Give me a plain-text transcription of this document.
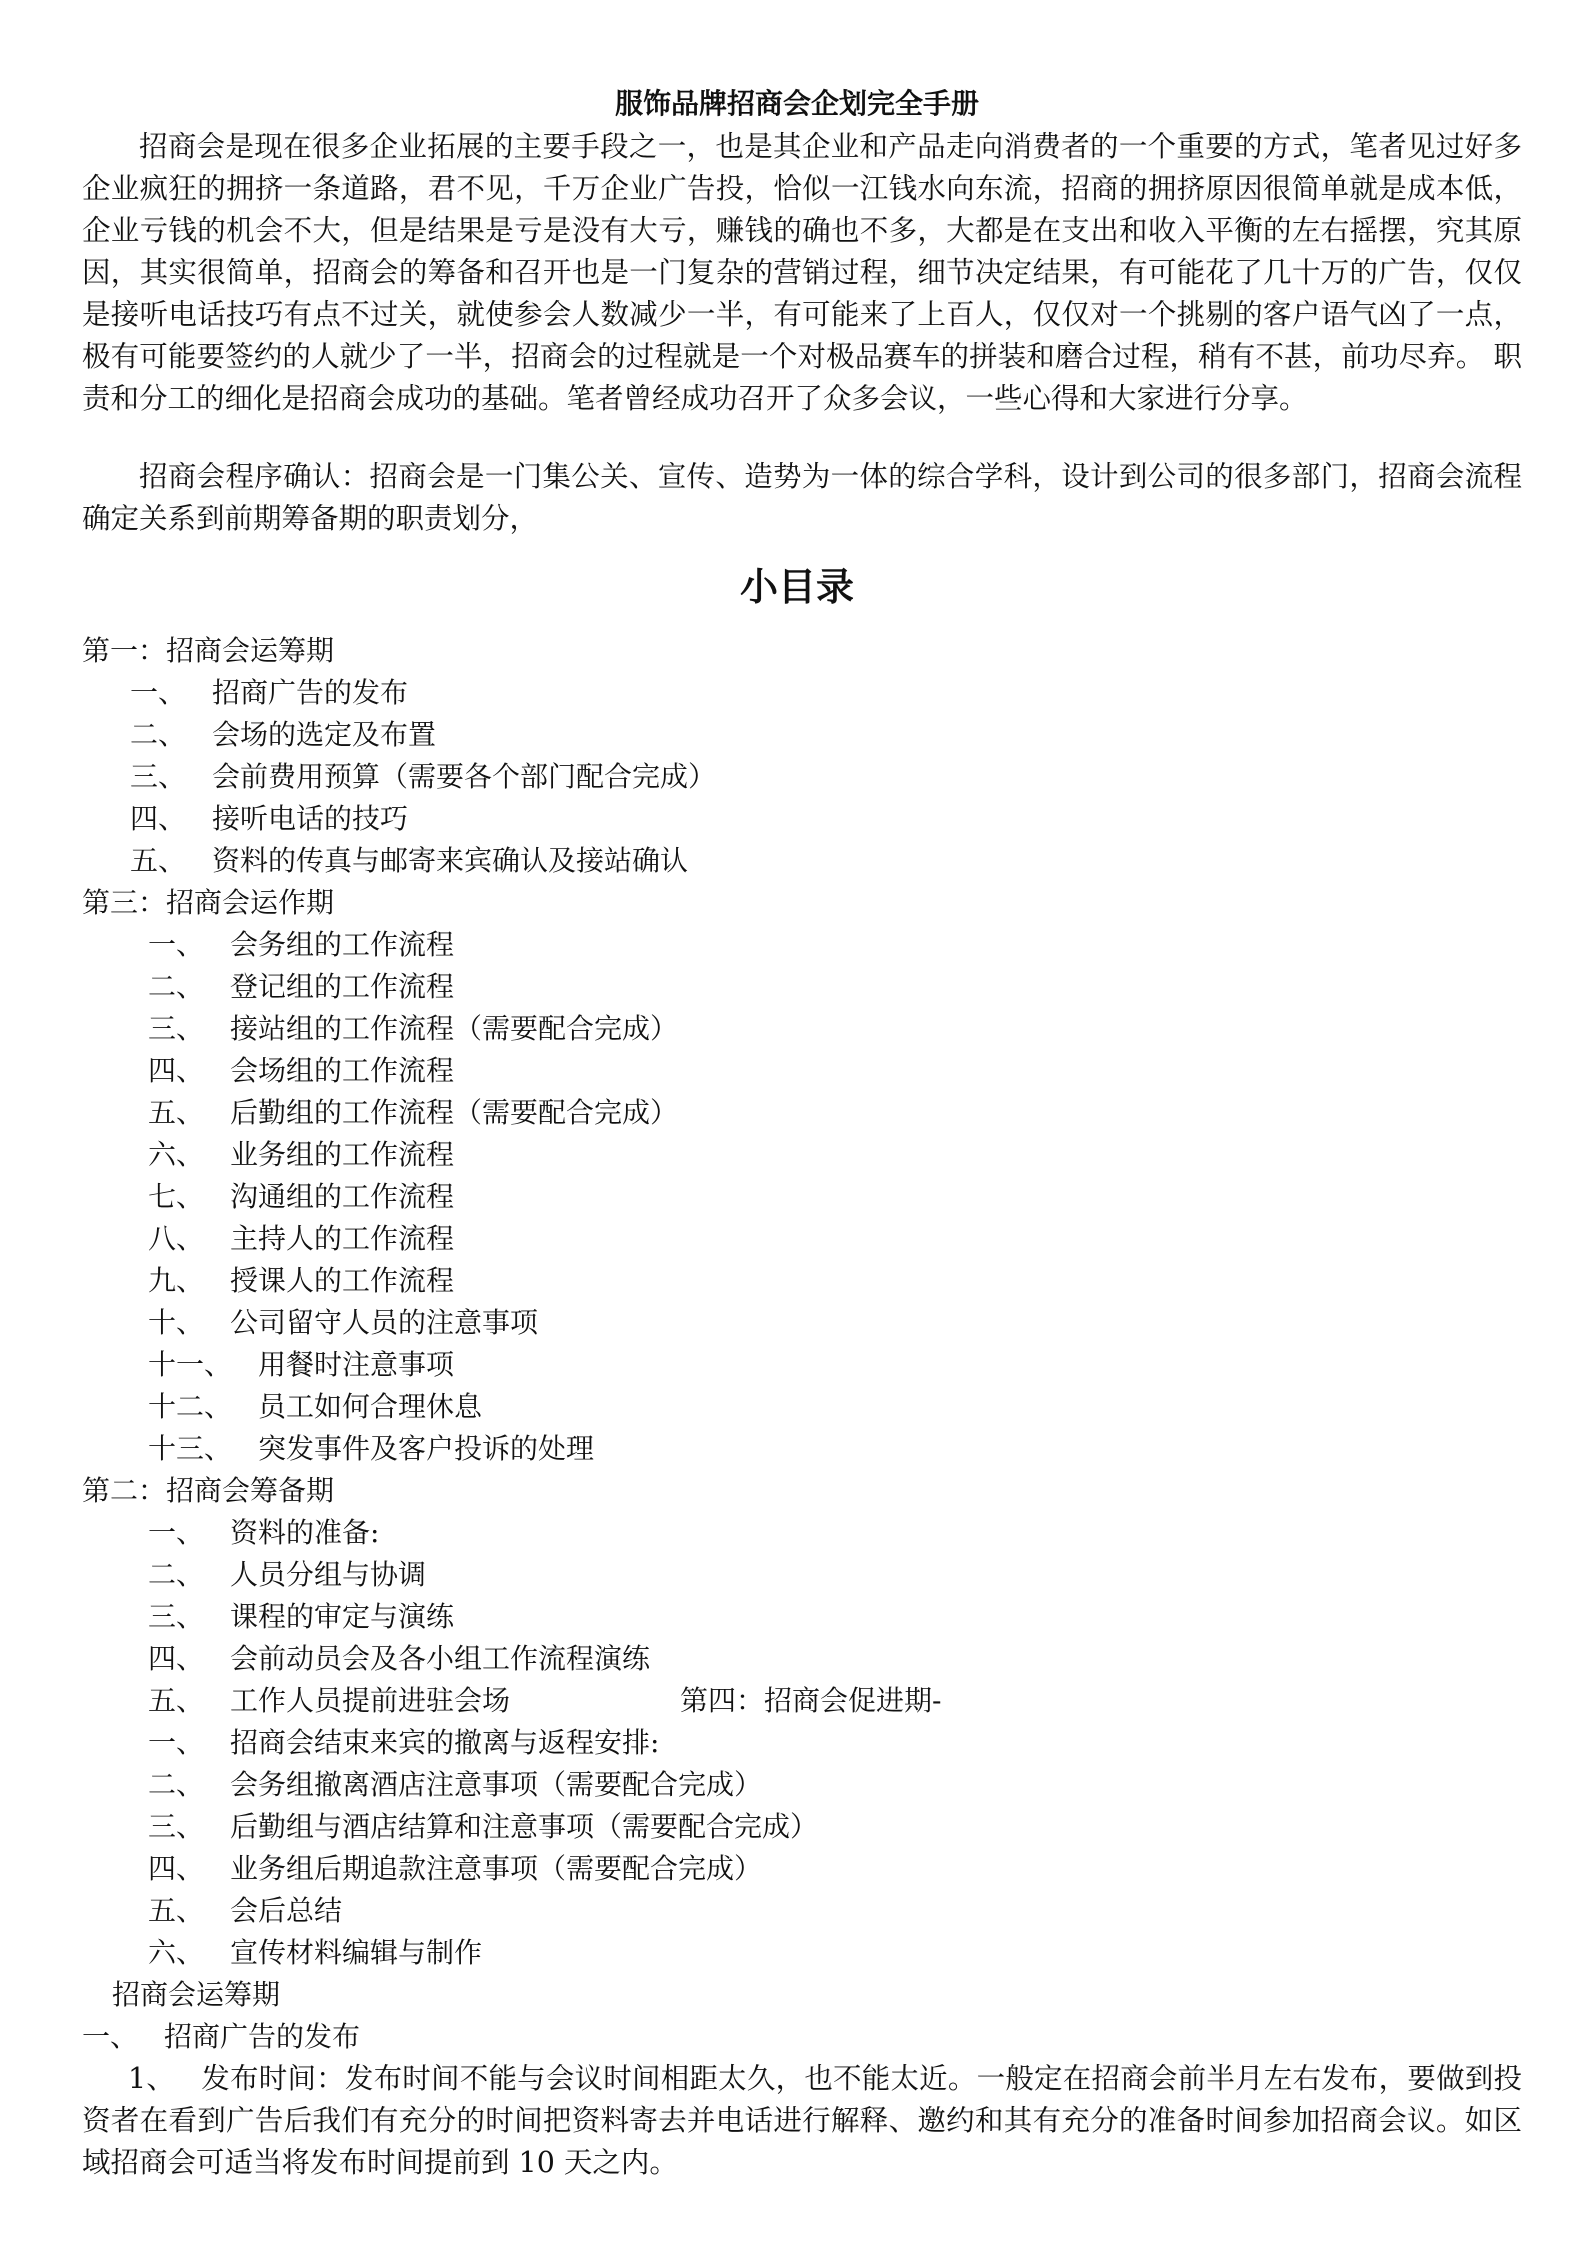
服饰品牌招商会企划完全手册

招商会是现在很多企业拓展的主要手段之一，也是其企业和产品走向消费者的一个重要的方式，笔者见过好多企业疯狂的拥挤一条道路，君不见，千万企业广告投，恰似一江钱水向东流，招商的拥挤原因很简单就是成本低，企业亏钱的机会不大，但是结果是亏是没有大亏，赚钱的确也不多，大都是在支出和收入平衡的左右摇摆，究其原因，其实很简单，招商会的筹备和召开也是一门复杂的营销过程，细节决定结果，有可能花了几十万的广告，仅仅是接听电话技巧有点不过关，就使参会人数减少一半，有可能来了上百人，仅仅对一个挑剔的客户语气凶了一点，极有可能要签约的人就少了一半，招商会的过程就是一个对极品赛车的拼装和磨合过程，稍有不甚，前功尽弃。 职责和分工的细化是招商会成功的基础。笔者曾经成功召开了众多会议，一些心得和大家进行分享。

招商会程序确认：招商会是一门集公关、宣传、造势为一体的综合学科，设计到公司的很多部门，招商会流程确定关系到前期筹备期的职责划分，

小目录
第一：招商会运筹期
一、 招商广告的发布
二、 会场的选定及布置
三、 会前费用预算（需要各个部门配合完成）
四、 接听电话的技巧
五、 资料的传真与邮寄来宾确认及接站确认
第三：招商会运作期
一、 会务组的工作流程
二、 登记组的工作流程
三、 接站组的工作流程（需要配合完成）
四、 会场组的工作流程
五、 后勤组的工作流程（需要配合完成）
六、 业务组的工作流程
七、 沟通组的工作流程
八、 主持人的工作流程
九、 授课人的工作流程
十、 公司留守人员的注意事项
十一、 用餐时注意事项
十二、 员工如何合理休息
十三、 突发事件及客户投诉的处理
第二：招商会筹备期
一、 资料的准备:
二、 人员分组与协调
三、 课程的审定与演练
四、 会前动员会及各小组工作流程演练
五、 工作人员提前进驻会场	第四：招商会促进期-
一、 招商会结束来宾的撤离与返程安排:
二、 会务组撤离酒店注意事项（需要配合完成）
三、 后勤组与酒店结算和注意事项（需要配合完成）
四、 业务组后期追款注意事项（需要配合完成）
五、 会后总结
六、 宣传材料编辑与制作
招商会运筹期
一、 招商广告的发布

1、 发布时间：发布时间不能与会议时间相距太久，也不能太近。一般定在招商会前半月左右发布，要做到投资者在看到广告后我们有充分的时间把资料寄去并电话进行解释、邀约和其有充分的准备时间参加招商会议。如区域招商会可适当将发布时间提前到 10 天之内。
